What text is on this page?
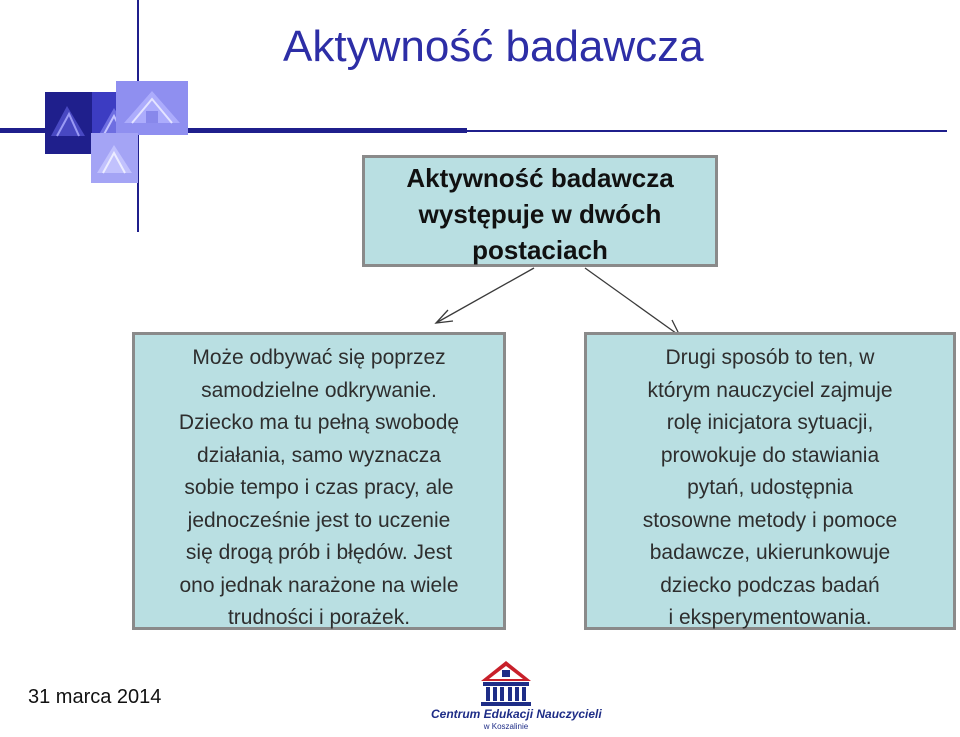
Aktywność badawcza
Aktywność badawcza
występuje w dwóch
postaciach
Może odbywać się poprzez
samodzielne odkrywanie.
Dziecko ma tu pełną swobodę
działania, samo wyznacza
sobie tempo i czas pracy, ale
jednocześnie jest to uczenie
się drogą prób i błędów. Jest
ono jednak narażone na wiele
trudności i porażek.
Drugi sposób to ten, w
którym nauczyciel zajmuje
rolę inicjatora sytuacji,
prowokuje do stawiania
pytań, udostępnia
stosowne metody i pomoce
badawcze, ukierunkowuje
dziecko podczas badań
i eksperymentowania.
31 marca 2014
Centrum Edukacji Nauczycieli
w Koszalinie
